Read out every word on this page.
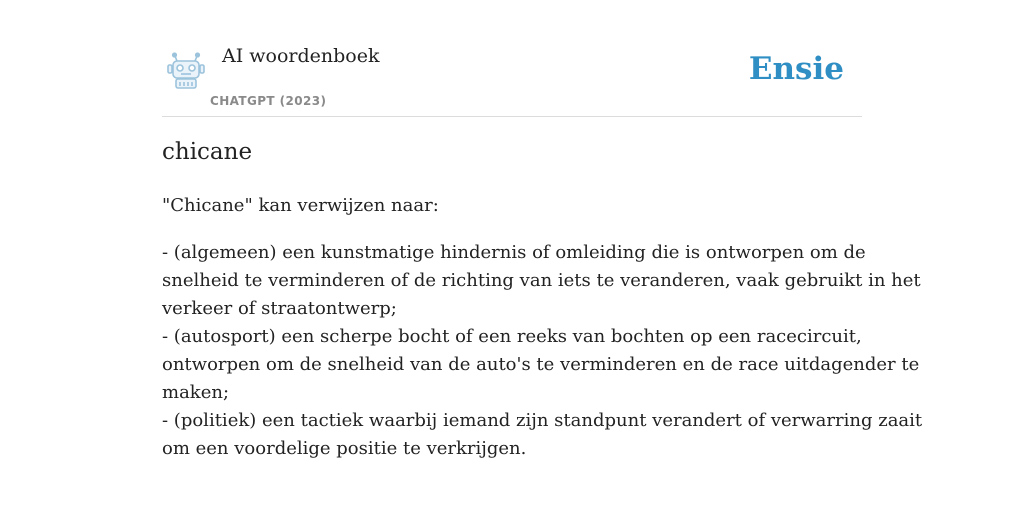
AI woordenboek
CHATGPT (2023)
Ensie
chicane

"Chicane" kan verwijzen naar:

- (algemeen) een kunstmatige hindernis of omleiding die is ontworpen om de
snelheid te verminderen of de richting van iets te veranderen, vaak gebruikt in het
verkeer of straatontwerp;
- (autosport) een scherpe bocht of een reeks van bochten op een racecircuit,
ontworpen om de snelheid van de auto's te verminderen en de race uitdagender te
maken;
- (politiek) een tactiek waarbij iemand zijn standpunt verandert of verwarring zaait
om een voordelige positie te verkrijgen.
